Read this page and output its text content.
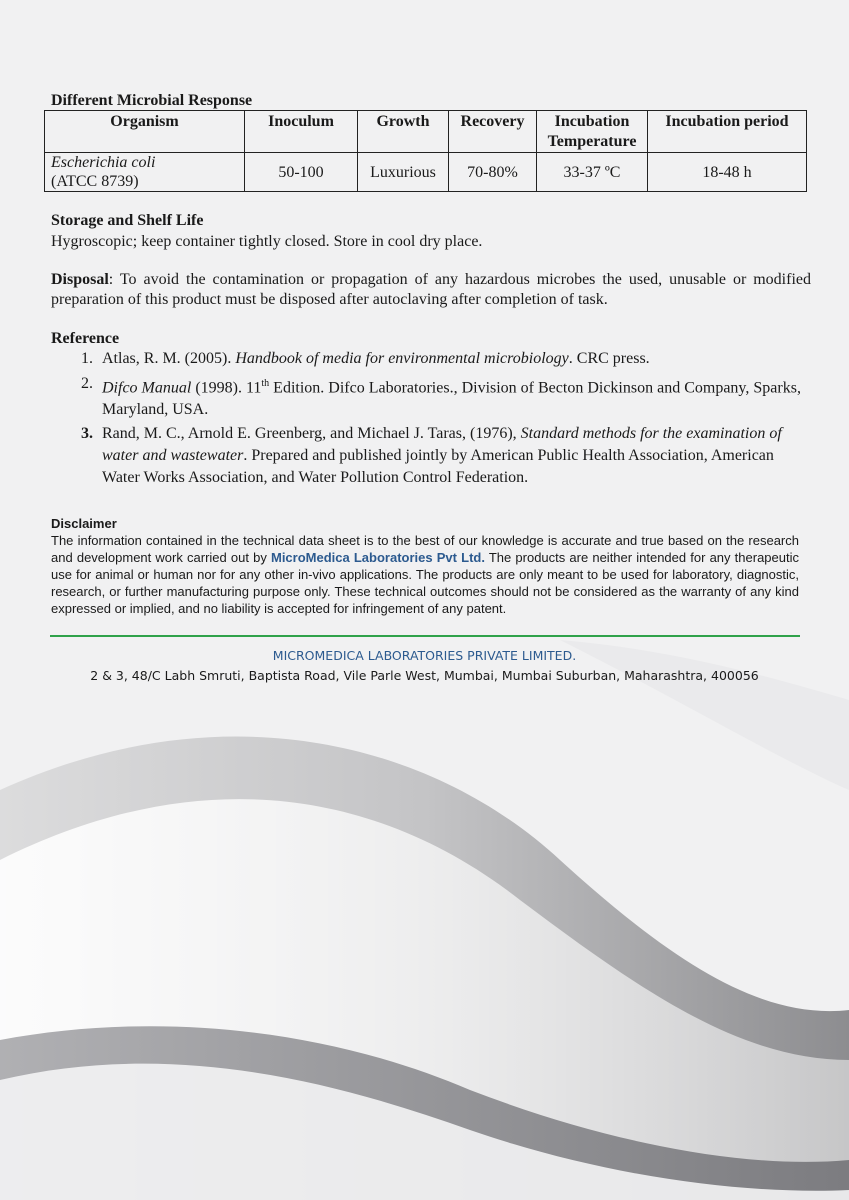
Different Microbial Response
Organism	Inoculum	Growth	Recovery	Incubation Temperature	Incubation period
Escherichia coli
(ATCC 8739)	50-100	Luxurious	70-80%	33-37 ºC	18-48 h
Storage and Shelf Life
Hygroscopic; keep container tightly closed. Store in cool dry place.
Disposal: To avoid the contamination or propagation of any hazardous microbes the used, unusable or modified preparation of this product must be disposed after autoclaving after completion of task.
Reference
1. Atlas, R. M. (2005). Handbook of media for environmental microbiology. CRC press.
2. Difco Manual (1998). 11th Edition. Difco Laboratories., Division of Becton Dickinson and Company, Sparks, Maryland, USA.
3. Rand, M. C., Arnold E. Greenberg, and Michael J. Taras, (1976), Standard methods for the examination of water and wastewater. Prepared and published jointly by American Public Health Association, American Water Works Association, and Water Pollution Control Federation.
Disclaimer
The information contained in the technical data sheet is to the best of our knowledge is accurate and true based on the research and development work carried out by MicroMedica Laboratories Pvt Ltd. The products are neither intended for any therapeutic use for animal or human nor for any other in-vivo applications. The products are only meant to be used for laboratory, diagnostic, research, or further manufacturing purpose only. These technical outcomes should not be considered as the warranty of any kind expressed or implied, and no liability is accepted for infringement of any patent.
MICROMEDICA LABORATORIES PRIVATE LIMITED.
2 & 3, 48/C Labh Smruti, Baptista Road, Vile Parle West, Mumbai, Mumbai Suburban, Maharashtra, 400056
